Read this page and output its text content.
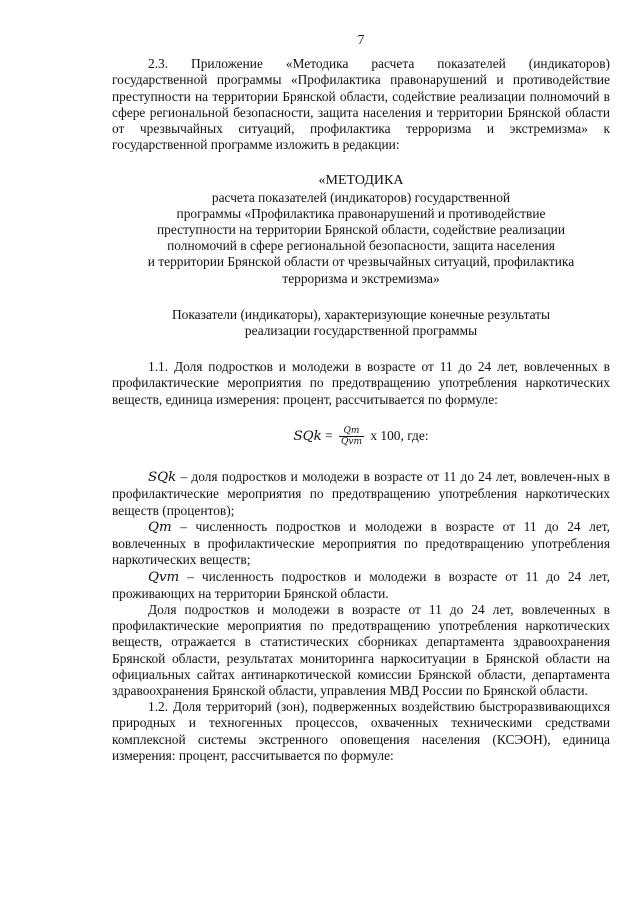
7

2.3. Приложение «Методика расчета показателей (индикаторов) государственной программы «Профилактика правонарушений и противодействие преступности на территории Брянской области, содействие реализации полномочий в сфере региональной безопасности, защита населения и территории Брянской области от чрезвычайных ситуаций, профилактика терроризма и экстремизма» к государственной программе изложить в редакции:

«МЕТОДИКА
расчета показателей (индикаторов) государственной
программы «Профилактика правонарушений и противодействие
преступности на территории Брянской области, содействие реализации
полномочий в сфере региональной безопасности, защита населения
и территории Брянской области от чрезвычайных ситуаций, профилактика
терроризма и экстремизма»
Показатели (индикаторы), характеризующие конечные результаты
реализации государственной программы

1.1. Доля подростков и молодежи в возрасте от 11 до 24 лет, вовлеченных в профилактические мероприятия по предотвращению употребления наркотических веществ, единица измерения: процент, рассчитывается по формуле:

SQk = $\frac{Qm}{\text{Qvm}}$ x 100, где:

SQk – доля подростков и молодежи в возрасте от 11 до 24 лет, вовлечен-ных в профилактические мероприятия по предотвращению употребления наркотических веществ (процентов);

Qm – численность подростков и молодежи в возрасте от 11 до 24 лет, вовлеченных в профилактические мероприятия по предотвращению употребления наркотических веществ;

Qvm – численность подростков и молодежи в возрасте от 11 до 24 лет, проживающих на территории Брянской области.

Доля подростков и молодежи в возрасте от 11 до 24 лет, вовлеченных в профилактические мероприятия по предотвращению употребления наркотических веществ, отражается в статистических сборниках департамента здравоохранения Брянской области, результатах мониторинга наркоситуации в Брянской области на официальных сайтах антинаркотической комиссии Брянской области, департамента здравоохранения Брянской области, управления МВД России по Брянской области.

1.2. Доля территорий (зон), подверженных воздействию быстроразвивающихся природных и техногенных процессов, охваченных техническими средствами комплексной системы экстренного оповещения населения (КСЭОН), единица измерения: процент, рассчитывается по формуле:
